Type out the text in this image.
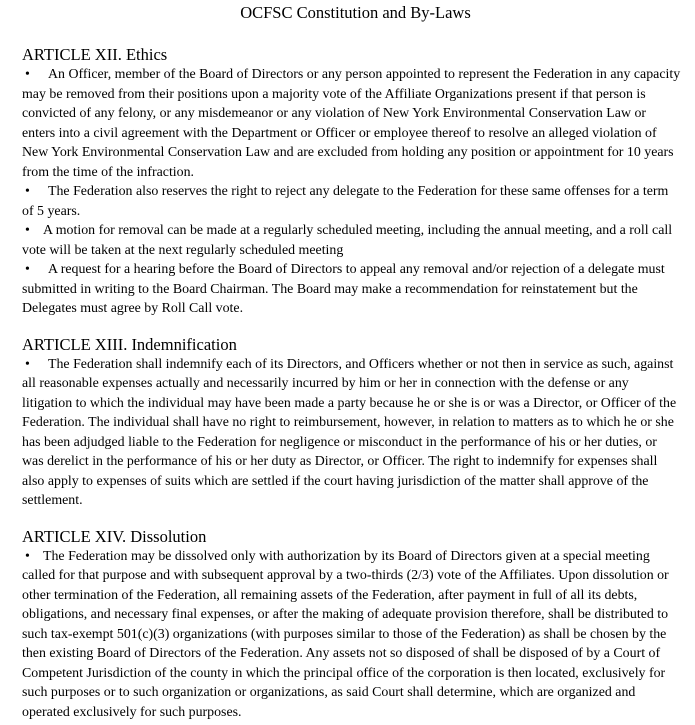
OCFSC Constitution and By-Laws
ARTICLE XII. Ethics

• An Officer, member of the Board of Directors or any person appointed to represent the Federation in any capacity may be removed from their positions upon a majority vote of the Affiliate Organizations present if that person is convicted of any felony, or any misdemeanor or any violation of New York Environmental Conservation Law or enters into a civil agreement with the Department or Officer or employee thereof to resolve an alleged violation of New York Environmental Conservation Law and are excluded from holding any position or appointment for 10 years from the time of the infraction.

• The Federation also reserves the right to reject any delegate to the Federation for these same offenses for a term of 5 years.

• A motion for removal can be made at a regularly scheduled meeting, including the annual meeting, and a roll call vote will be taken at the next regularly scheduled meeting

• A request for a hearing before the Board of Directors to appeal any removal and/or rejection of a delegate must submitted in writing to the Board Chairman. The Board may make a recommendation for reinstatement but the Delegates must agree by Roll Call vote.

ARTICLE XIII. Indemnification

• The Federation shall indemnify each of its Directors, and Officers whether or not then in service as such, against all reasonable expenses actually and necessarily incurred by him or her in connection with the defense or any litigation to which the individual may have been made a party because he or she is or was a Director, or Officer of the Federation. The individual shall have no right to reimbursement, however, in relation to matters as to which he or she has been adjudged liable to the Federation for negligence or misconduct in the performance of his or her duties, or was derelict in the performance of his or her duty as Director, or Officer. The right to indemnify for expenses shall also apply to expenses of suits which are settled if the court having jurisdiction of the matter shall approve of the settlement.

ARTICLE XIV. Dissolution

• The Federation may be dissolved only with authorization by its Board of Directors given at a special meeting called for that purpose and with subsequent approval by a two-thirds (2/3) vote of the Affiliates. Upon dissolution or other termination of the Federation, all remaining assets of the Federation, after payment in full of all its debts, obligations, and necessary final expenses, or after the making of adequate provision therefore, shall be distributed to such tax-exempt 501(c)(3) organizations (with purposes similar to those of the Federation) as shall be chosen by the then existing Board of Directors of the Federation. Any assets not so disposed of shall be disposed of by a Court of Competent Jurisdiction of the county in which the principal office of the corporation is then located, exclusively for such purposes or to such organization or organizations, as said Court shall determine, which are organized and operated exclusively for such purposes.
